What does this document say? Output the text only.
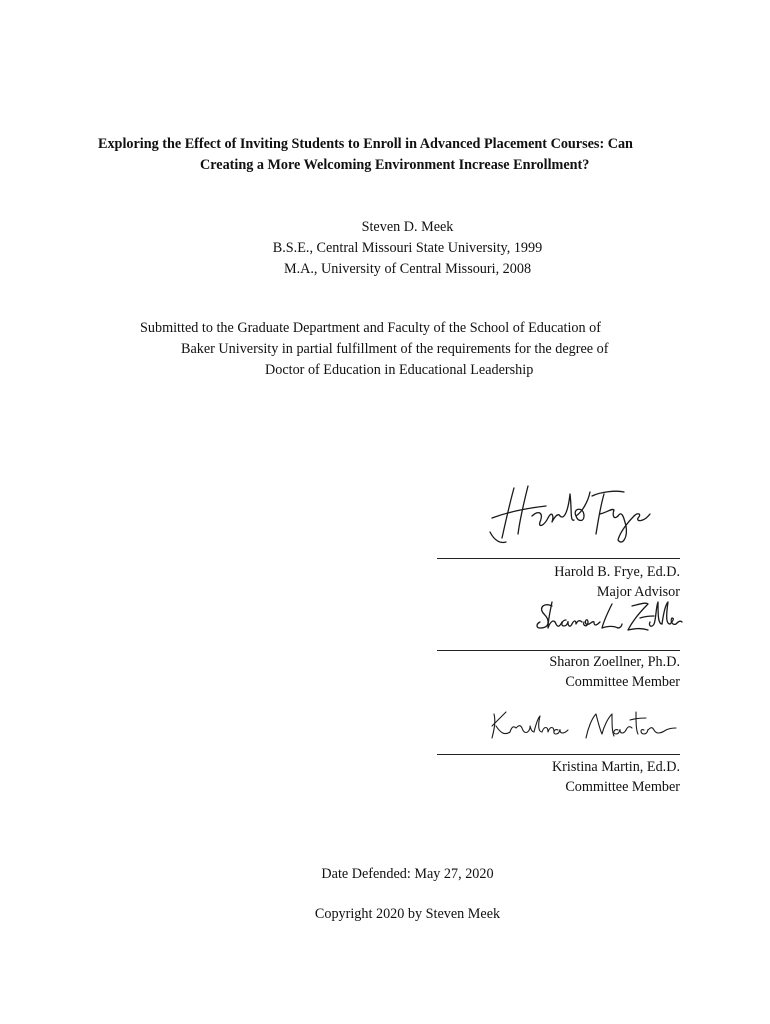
Exploring the Effect of Inviting Students to Enroll in Advanced Placement Courses: Can
Creating a More Welcoming Environment Increase Enrollment?
Steven D. Meek
B.S.E., Central Missouri State University, 1999
M.A., University of Central Missouri, 2008
Submitted to the Graduate Department and Faculty of the School of Education of
Baker University in partial fulfillment of the requirements for the degree of
Doctor of Education in Educational Leadership
Harold B. Frye, Ed.D.
Major Advisor
Sharon Zoellner, Ph.D.
Committee Member
Kristina Martin, Ed.D.
Committee Member
Date Defended: May 27, 2020
Copyright 2020 by Steven Meek
